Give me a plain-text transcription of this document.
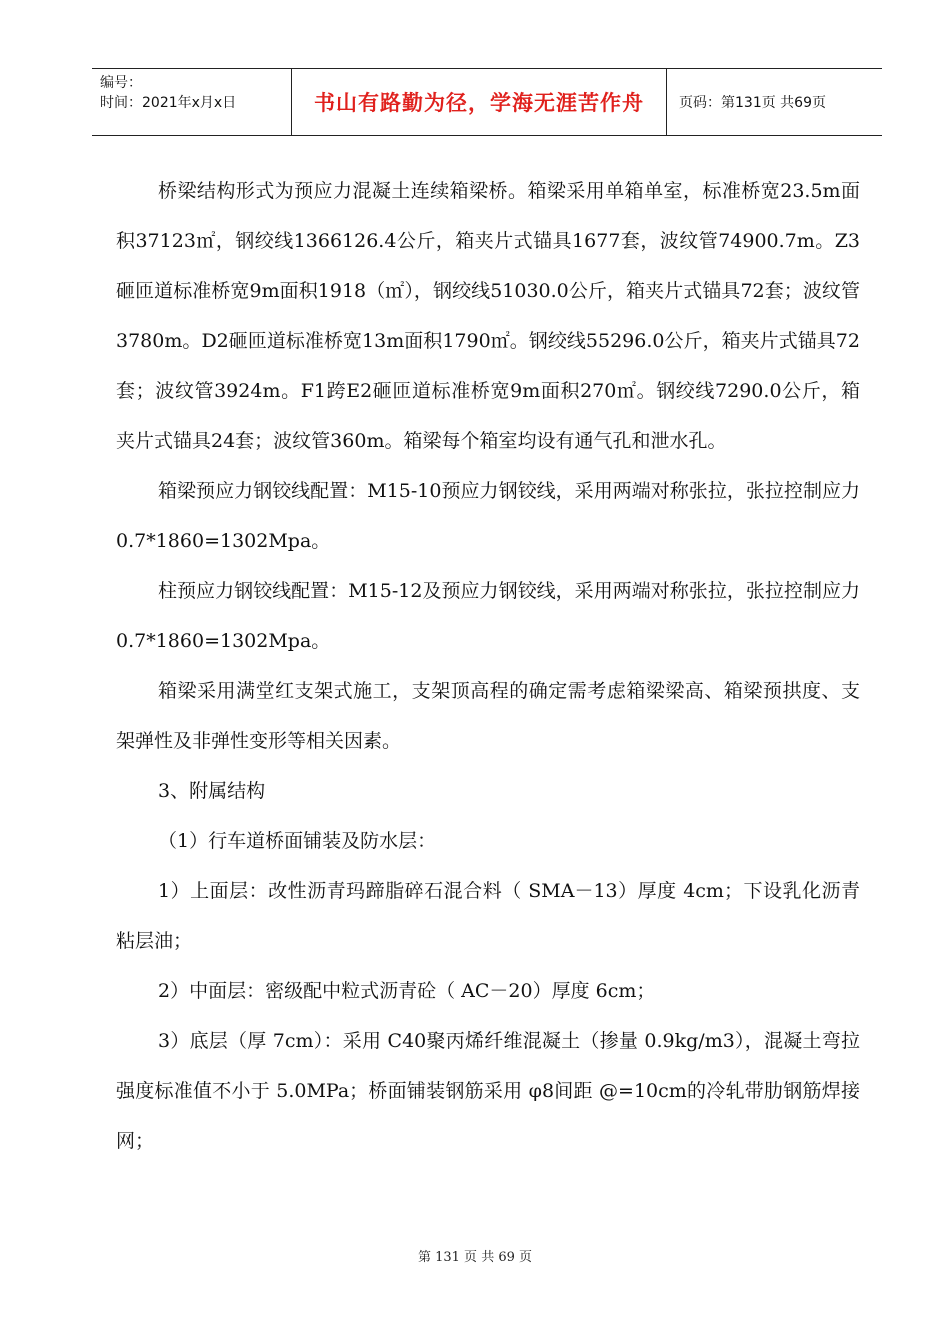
编号：
时间：2021年x月x日	书山有路勤为径，学海无涯苦作舟	页码：第131页 共69页

桥梁结构形式为预应力混凝土连续箱梁桥。箱梁采用单箱单室，标准桥宽23.5m面积37123㎡，钢绞线1366126.4公斤，箱夹片式锚具1677套，波纹管74900.7m。Z3砸匝道标准桥宽9m面积1918（㎡），钢绞线51030.0公斤，箱夹片式锚具72套；波纹管3780m。D2砸匝道标准桥宽13m面积1790㎡。钢绞线55296.0公斤，箱夹片式锚具72套；波纹管3924m。F1跨E2砸匝道标准桥宽9m面积270㎡。钢绞线7290.0公斤，箱夹片式锚具24套；波纹管360m。箱梁每个箱室均设有通气孔和泄水孔。

箱梁预应力钢铰线配置：M15-10预应力钢铰线，采用两端对称张拉，张拉控制应力0.7*1860=1302Mpa。

柱预应力钢铰线配置：M15-12及预应力钢铰线，采用两端对称张拉，张拉控制应力0.7*1860=1302Mpa。

箱梁采用满堂红支架式施工，支架顶高程的确定需考虑箱梁梁高、箱梁预拱度、支架弹性及非弹性变形等相关因素。

3、附属结构

（1）行车道桥面铺装及防水层：

1）上面层：改性沥青玛蹄脂碎石混合料（ SMA－13）厚度 4cm；下设乳化沥青粘层油；

2）中面层：密级配中粒式沥青砼（ AC－20）厚度 6cm；

3）底层（厚 7cm）：采用 C40聚丙烯纤维混凝土（掺量 0.9kg/m3），混凝土弯拉强度标准值不小于 5.0MPa；桥面铺装钢筋采用 φ8间距 @=10cm的冷轧带肋钢筋焊接网；

第 131 页 共 69 页
